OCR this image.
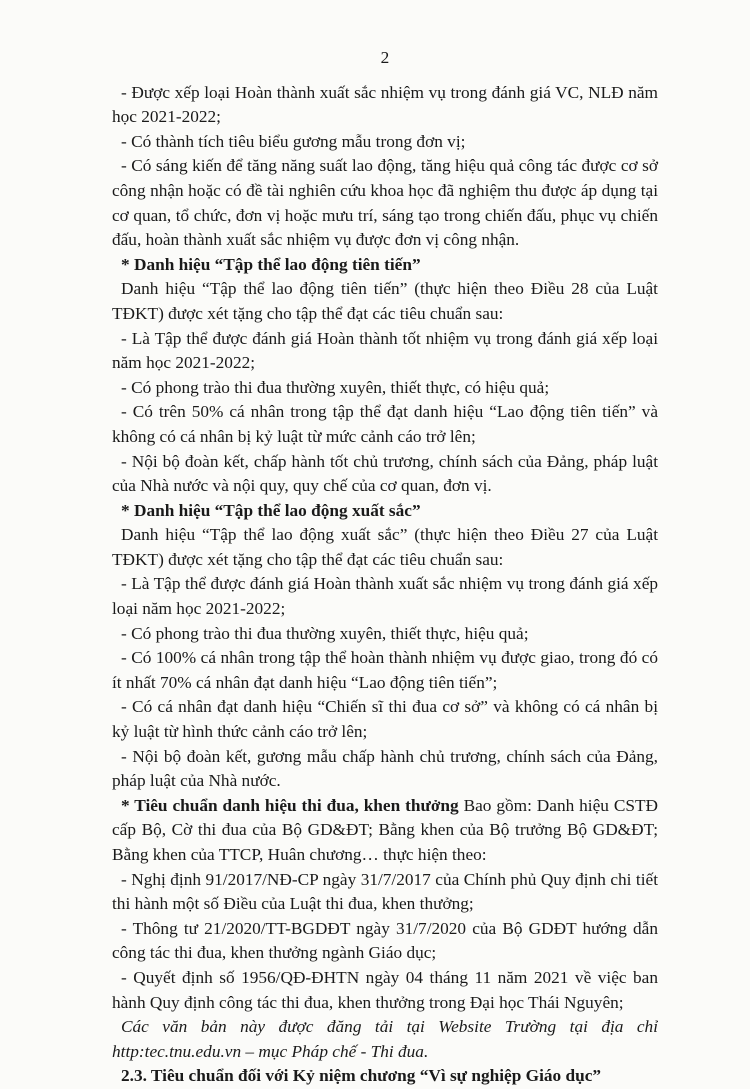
2

- Được xếp loại Hoàn thành xuất sắc nhiệm vụ trong đánh giá VC, NLĐ năm học 2021-2022;

- Có thành tích tiêu biểu gương mẫu trong đơn vị;

- Có sáng kiến để tăng năng suất lao động, tăng hiệu quả công tác được cơ sở công nhận hoặc có đề tài nghiên cứu khoa học đã nghiệm thu được áp dụng tại cơ quan, tổ chức, đơn vị hoặc mưu trí, sáng tạo trong chiến đấu, phục vụ chiến đấu, hoàn thành xuất sắc nhiệm vụ được đơn vị công nhận.

* Danh hiệu “Tập thể lao động tiên tiến”

Danh hiệu “Tập thể lao động tiên tiến” (thực hiện theo Điều 28 của Luật TĐKT) được xét tặng cho tập thể đạt các tiêu chuẩn sau:

- Là Tập thể được đánh giá Hoàn thành tốt nhiệm vụ trong đánh giá xếp loại năm học 2021-2022;

- Có phong trào thi đua thường xuyên, thiết thực, có hiệu quả;

- Có trên 50% cá nhân trong tập thể đạt danh hiệu “Lao động tiên tiến” và không có cá nhân bị kỷ luật từ mức cảnh cáo trở lên;

- Nội bộ đoàn kết, chấp hành tốt chủ trương, chính sách của Đảng, pháp luật của Nhà nước và nội quy, quy chế của cơ quan, đơn vị.

* Danh hiệu “Tập thể lao động xuất sắc”

Danh hiệu “Tập thể lao động xuất sắc” (thực hiện theo Điều 27 của Luật TĐKT) được xét tặng cho tập thể đạt các tiêu chuẩn sau:

- Là Tập thể được đánh giá Hoàn thành xuất sắc nhiệm vụ trong đánh giá xếp loại năm học 2021-2022;

- Có phong trào thi đua thường xuyên, thiết thực, hiệu quả;

- Có 100% cá nhân trong tập thể hoàn thành nhiệm vụ được giao, trong đó có ít nhất 70% cá nhân đạt danh hiệu “Lao động tiên tiến”;

- Có cá nhân đạt danh hiệu “Chiến sĩ thi đua cơ sở” và không có cá nhân bị kỷ luật từ hình thức cảnh cáo trở lên;

- Nội bộ đoàn kết, gương mẫu chấp hành chủ trương, chính sách của Đảng, pháp luật của Nhà nước.

* Tiêu chuẩn danh hiệu thi đua, khen thưởng Bao gồm: Danh hiệu CSTĐ cấp Bộ, Cờ thi đua của Bộ GD&ĐT; Bằng khen của Bộ trưởng Bộ GD&ĐT; Bằng khen của TTCP, Huân chương… thực hiện theo:

- Nghị định 91/2017/NĐ-CP ngày 31/7/2017 của Chính phủ Quy định chi tiết thi hành một số Điều của Luật thi đua, khen thưởng;

- Thông tư 21/2020/TT-BGDĐT ngày 31/7/2020 của Bộ GDĐT hướng dẫn công tác thi đua, khen thưởng ngành Giáo dục;

- Quyết định số 1956/QĐ-ĐHTN ngày 04 tháng 11 năm 2021 về việc ban hành Quy định công tác thi đua, khen thưởng trong Đại học Thái Nguyên;

Các văn bản này được đăng tải tại Website Trường tại địa chỉ http:tec.tnu.edu.vn – mục Pháp chế - Thi đua.

2.3. Tiêu chuẩn đối với Kỷ niệm chương “Vì sự nghiệp Giáo dục”
